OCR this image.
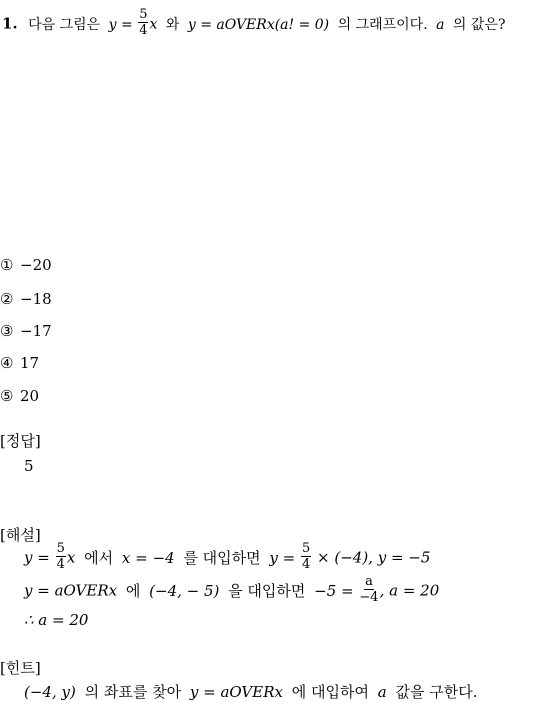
1. 다음 그림은 $y = \frac{5}{4}$ x 와 y = aOVERx(a! = 0) 의 그래프이다. a 의 값은?
① −20
② −18
③ −17
④ 17
⑤ 20
[정답]
5
[해설]
$y = \frac{5}{4}$ x 에서 x = −4 를 대입하면 $y = \frac{5}{4} \times (-4)$, y = −5
y = aOVERx 에 (−4, − 5) 을 대입하면 $-5 = \frac{a}{-4}$ , a = 20
∴ a = 20
[힌트]
(−4, y) 의 좌표를 찾아 y = aOVERx 에 대입하여 a 값을 구한다.
